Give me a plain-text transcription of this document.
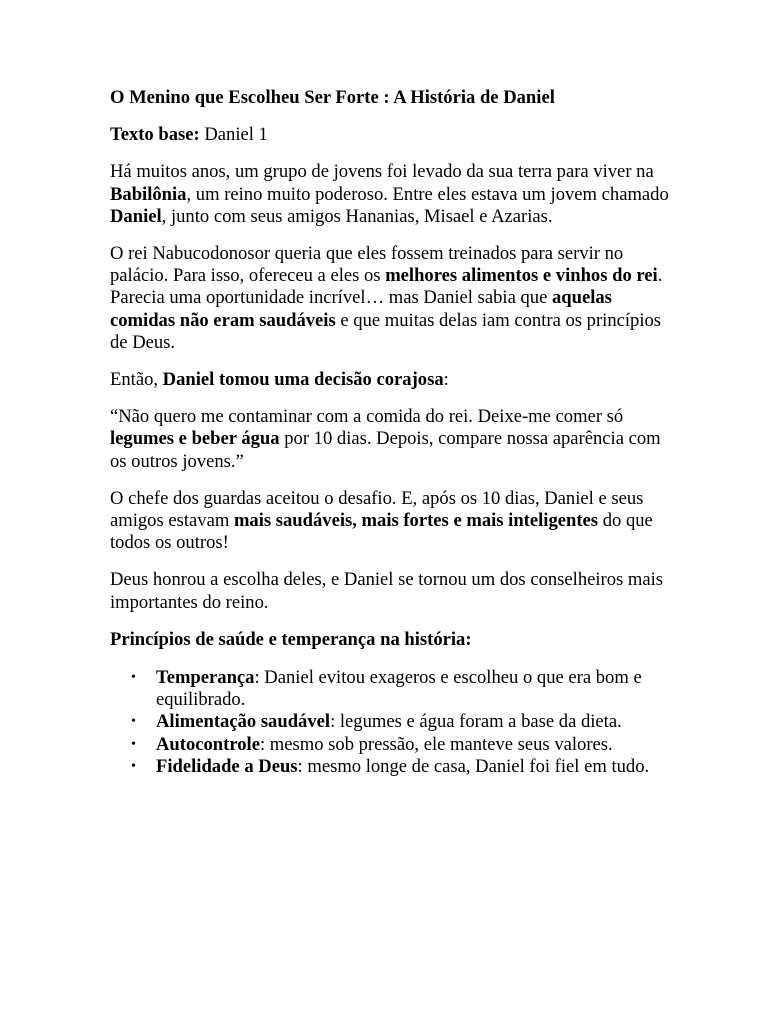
O Menino que Escolheu Ser Forte : A História de Daniel

Texto base: Daniel 1

Há muitos anos, um grupo de jovens foi levado da sua terra para viver na Babilônia, um reino muito poderoso. Entre eles estava um jovem chamado Daniel, junto com seus amigos Hananias, Misael e Azarias.

O rei Nabucodonosor queria que eles fossem treinados para servir no palácio. Para isso, ofereceu a eles os melhores alimentos e vinhos do rei. Parecia uma oportunidade incrível… mas Daniel sabia que aquelas comidas não eram saudáveis e que muitas delas iam contra os princípios de Deus.

Então, Daniel tomou uma decisão corajosa:

“Não quero me contaminar com a comida do rei. Deixe-me comer só legumes e beber água por 10 dias. Depois, compare nossa aparência com os outros jovens.”

O chefe dos guardas aceitou o desafio. E, após os 10 dias, Daniel e seus amigos estavam mais saudáveis, mais fortes e mais inteligentes do que todos os outros!

Deus honrou a escolha deles, e Daniel se tornou um dos conselheiros mais importantes do reino.

Princípios de saúde e temperança na história:
• Temperança: Daniel evitou exageros e escolheu o que era bom e equilibrado.
• Alimentação saudável: legumes e água foram a base da dieta.
• Autocontrole: mesmo sob pressão, ele manteve seus valores.
• Fidelidade a Deus: mesmo longe de casa, Daniel foi fiel em tudo.
